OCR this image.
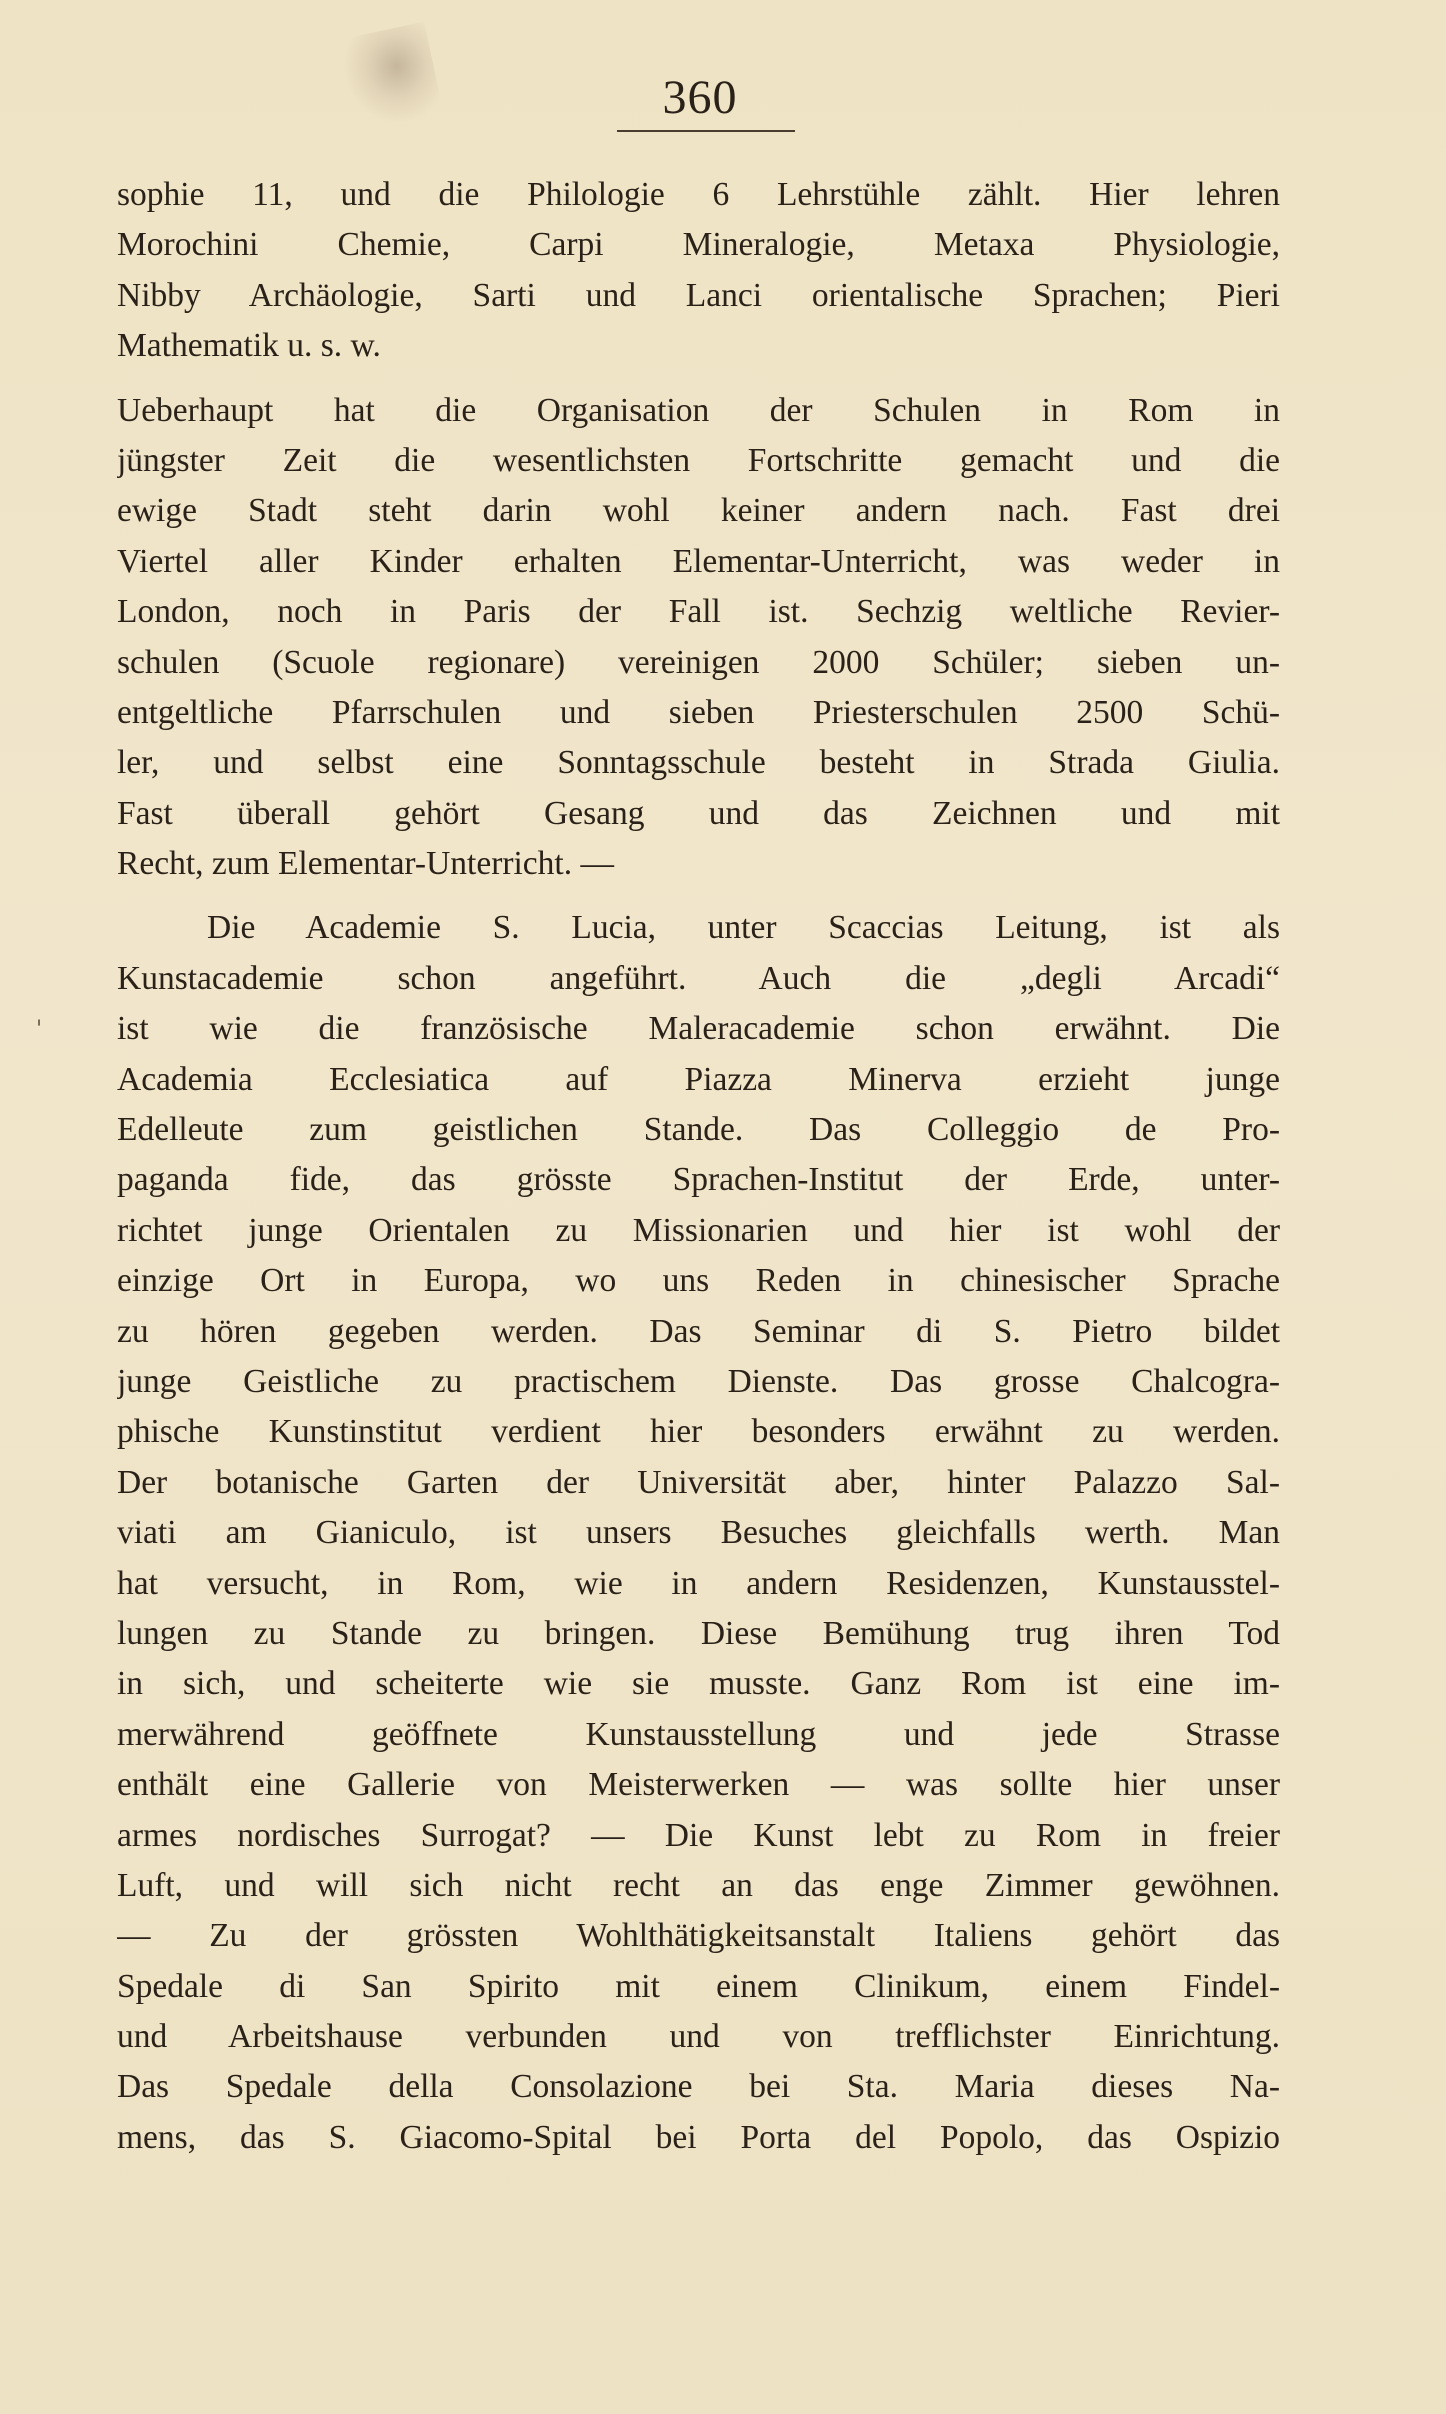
360
'
sophie 11, und die Philologie 6 Lehrstühle zählt. Hier lehren
Morochini Chemie, Carpi Mineralogie, Metaxa Physiologie,
Nibby Archäologie, Sarti und Lanci orientalische Sprachen; Pieri
Mathematik u. s. w.
Ueberhaupt hat die Organisation der Schulen in Rom in
jüngster Zeit die wesentlichsten Fortschritte gemacht und die
ewige Stadt steht darin wohl keiner andern nach. Fast drei
Viertel aller Kinder erhalten Elementar-Unterricht, was weder in
London, noch in Paris der Fall ist. Sechzig weltliche Revier-
schulen (Scuole regionare) vereinigen 2000 Schüler; sieben un-
entgeltliche Pfarrschulen und sieben Priesterschulen 2500 Schü-
ler, und selbst eine Sonntagsschule besteht in Strada Giulia.
Fast überall gehört Gesang und das Zeichnen und mit
Recht, zum Elementar-Unterricht. —
Die Academie S. Lucia, unter Scaccias Leitung, ist als
Kunstacademie schon angeführt. Auch die „degli Arcadi“
ist wie die französische Maleracademie schon erwähnt. Die
Academia Ecclesiatica auf Piazza Minerva erzieht junge
Edelleute zum geistlichen Stande. Das Colleggio de Pro-
paganda fide, das grösste Sprachen-Institut der Erde, unter-
richtet junge Orientalen zu Missionarien und hier ist wohl der
einzige Ort in Europa, wo uns Reden in chinesischer Sprache
zu hören gegeben werden. Das Seminar di S. Pietro bildet
junge Geistliche zu practischem Dienste. Das grosse Chalcogra-
phische Kunstinstitut verdient hier besonders erwähnt zu werden.
Der botanische Garten der Universität aber, hinter Palazzo Sal-
viati am Gianiculo, ist unsers Besuches gleichfalls werth. Man
hat versucht, in Rom, wie in andern Residenzen, Kunstausstel-
lungen zu Stande zu bringen. Diese Bemühung trug ihren Tod
in sich, und scheiterte wie sie musste. Ganz Rom ist eine im-
merwährend geöffnete Kunstausstellung und jede Strasse
enthält eine Gallerie von Meisterwerken — was sollte hier unser
armes nordisches Surrogat? — Die Kunst lebt zu Rom in freier
Luft, und will sich nicht recht an das enge Zimmer gewöhnen.
— Zu der grössten Wohlthätigkeitsanstalt Italiens gehört das
Spedale di San Spirito mit einem Clinikum, einem Findel-
und Arbeitshause verbunden und von trefflichster Einrichtung.
Das Spedale della Consolazione bei Sta. Maria dieses Na-
mens, das S. Giacomo-Spital bei Porta del Popolo, das Ospizio
